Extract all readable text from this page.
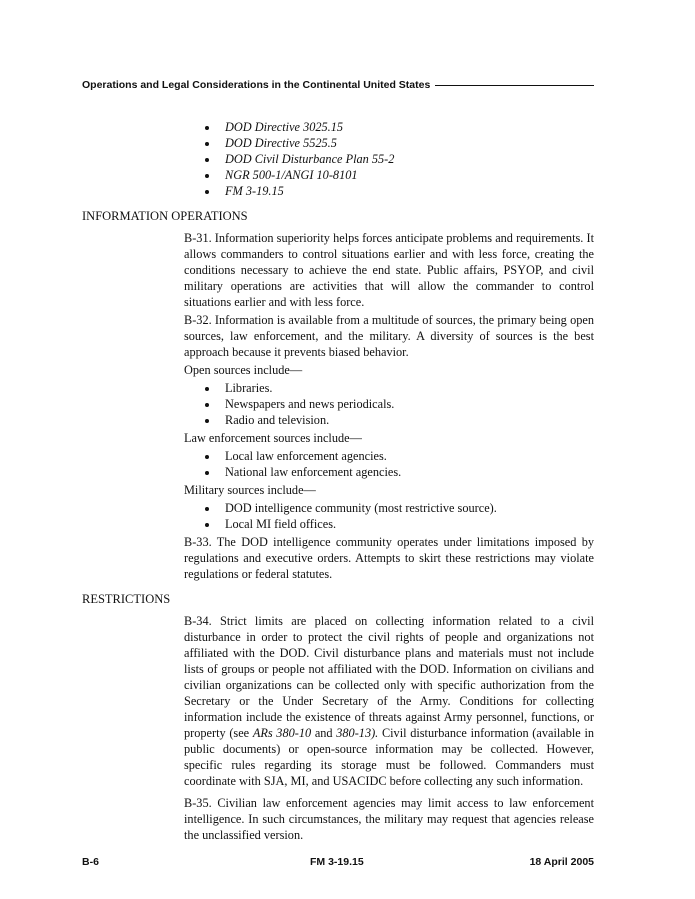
Operations and Legal Considerations in the Continental United States
DOD Directive 3025.15
DOD Directive 5525.5
DOD Civil Disturbance Plan 55-2
NGR 500-1/ANGI 10-8101
FM 3-19.15
INFORMATION OPERATIONS

B-31. Information superiority helps forces anticipate problems and requirements. It allows commanders to control situations earlier and with less force, creating the conditions necessary to achieve the end state. Public affairs, PSYOP, and civil military operations are activities that will allow the commander to control situations earlier and with less force.

B-32. Information is available from a multitude of sources, the primary being open sources, law enforcement, and the military. A diversity of sources is the best approach because it prevents biased behavior.

Open sources include—

Libraries.
Newspapers and news periodicals.
Radio and television.

Law enforcement sources include—

Local law enforcement agencies.
National law enforcement agencies.

Military sources include—

DOD intelligence community (most restrictive source).
Local MI field offices.

B-33. The DOD intelligence community operates under limitations imposed by regulations and executive orders. Attempts to skirt these restrictions may violate regulations or federal statutes.

RESTRICTIONS

B-34. Strict limits are placed on collecting information related to a civil disturbance in order to protect the civil rights of people and organizations not affiliated with the DOD. Civil disturbance plans and materials must not include lists of groups or people not affiliated with the DOD. Information on civilians and civilian organizations can be collected only with specific authorization from the Secretary or the Under Secretary of the Army. Conditions for collecting information include the existence of threats against Army personnel, functions, or property (see ARs 380-10 and 380-13). Civil disturbance information (available in public documents) or open-source information may be collected. However, specific rules regarding its storage must be followed. Commanders must coordinate with SJA, MI, and USACIDC before collecting any such information.

B-35. Civilian law enforcement agencies may limit access to law enforcement intelligence. In such circumstances, the military may request that agencies release the unclassified version.

B-6	FM 3-19.15	18 April 2005
